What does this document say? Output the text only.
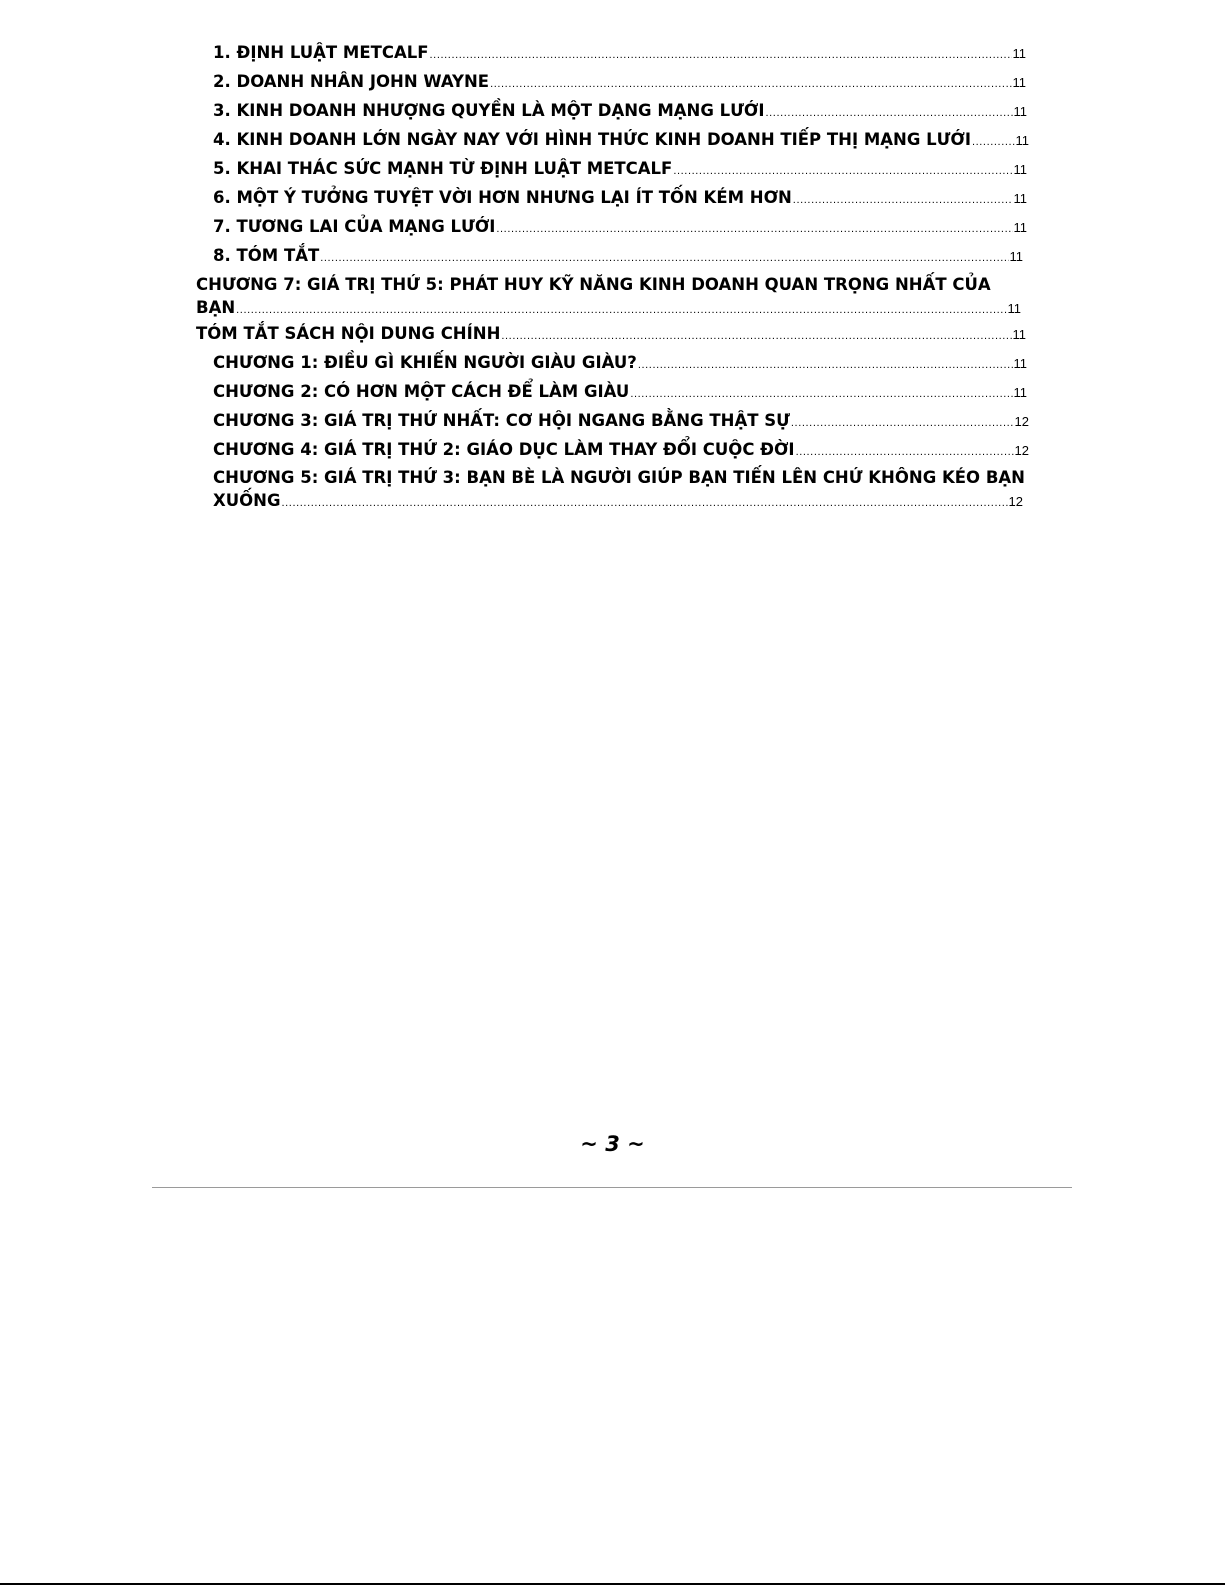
1. ĐỊNH LUẬT METCALF .....	11
2. DOANH NHÂN JOHN WAYNE .....	11
3. KINH DOANH NHƯỢNG QUYỀN LÀ MỘT DẠNG MẠNG LƯỚI .....	11
4. KINH DOANH LỚN NGÀY NAY VỚI HÌNH THỨC KINH DOANH TIẾP THỊ MẠNG LƯỚI .....	11
5. KHAI THÁC SỨC MẠNH TỪ ĐỊNH LUẬT METCALF .....	11
6. MỘT Ý TƯỞNG TUYỆT VỜI HƠN NHƯNG LẠI ÍT TỐN KÉM HƠN .....	11
7. TƯƠNG LAI CỦA MẠNG LƯỚI .....	11
8. TÓM TẮT .....	11
CHƯƠNG 7: GIÁ TRỊ THỨ 5: PHÁT HUY KỸ NĂNG KINH DOANH QUAN TRỌNG NHẤT CỦA
BẠN .....	11
TÓM TẮT SÁCH NỘI DUNG CHÍNH .....	11
CHƯƠNG 1: ĐIỀU GÌ KHIẾN NGƯỜI GIÀU GIÀU? .....	11
CHƯƠNG 2: CÓ HƠN MỘT CÁCH ĐỂ LÀM GIÀU .....	11
CHƯƠNG 3: GIÁ TRỊ THỨ NHẤT: CƠ HỘI NGANG BẰNG THẬT SỰ .....	12
CHƯƠNG 4: GIÁ TRỊ THỨ 2: GIÁO DỤC LÀM THAY ĐỔI CUỘC ĐỜI .....	12
CHƯƠNG 5: GIÁ TRỊ THỨ 3: BẠN BÈ LÀ NGƯỜI GIÚP BẠN TIẾN LÊN CHỨ KHÔNG KÉO BẠN
XUỐNG .....	12
~ 3 ~
